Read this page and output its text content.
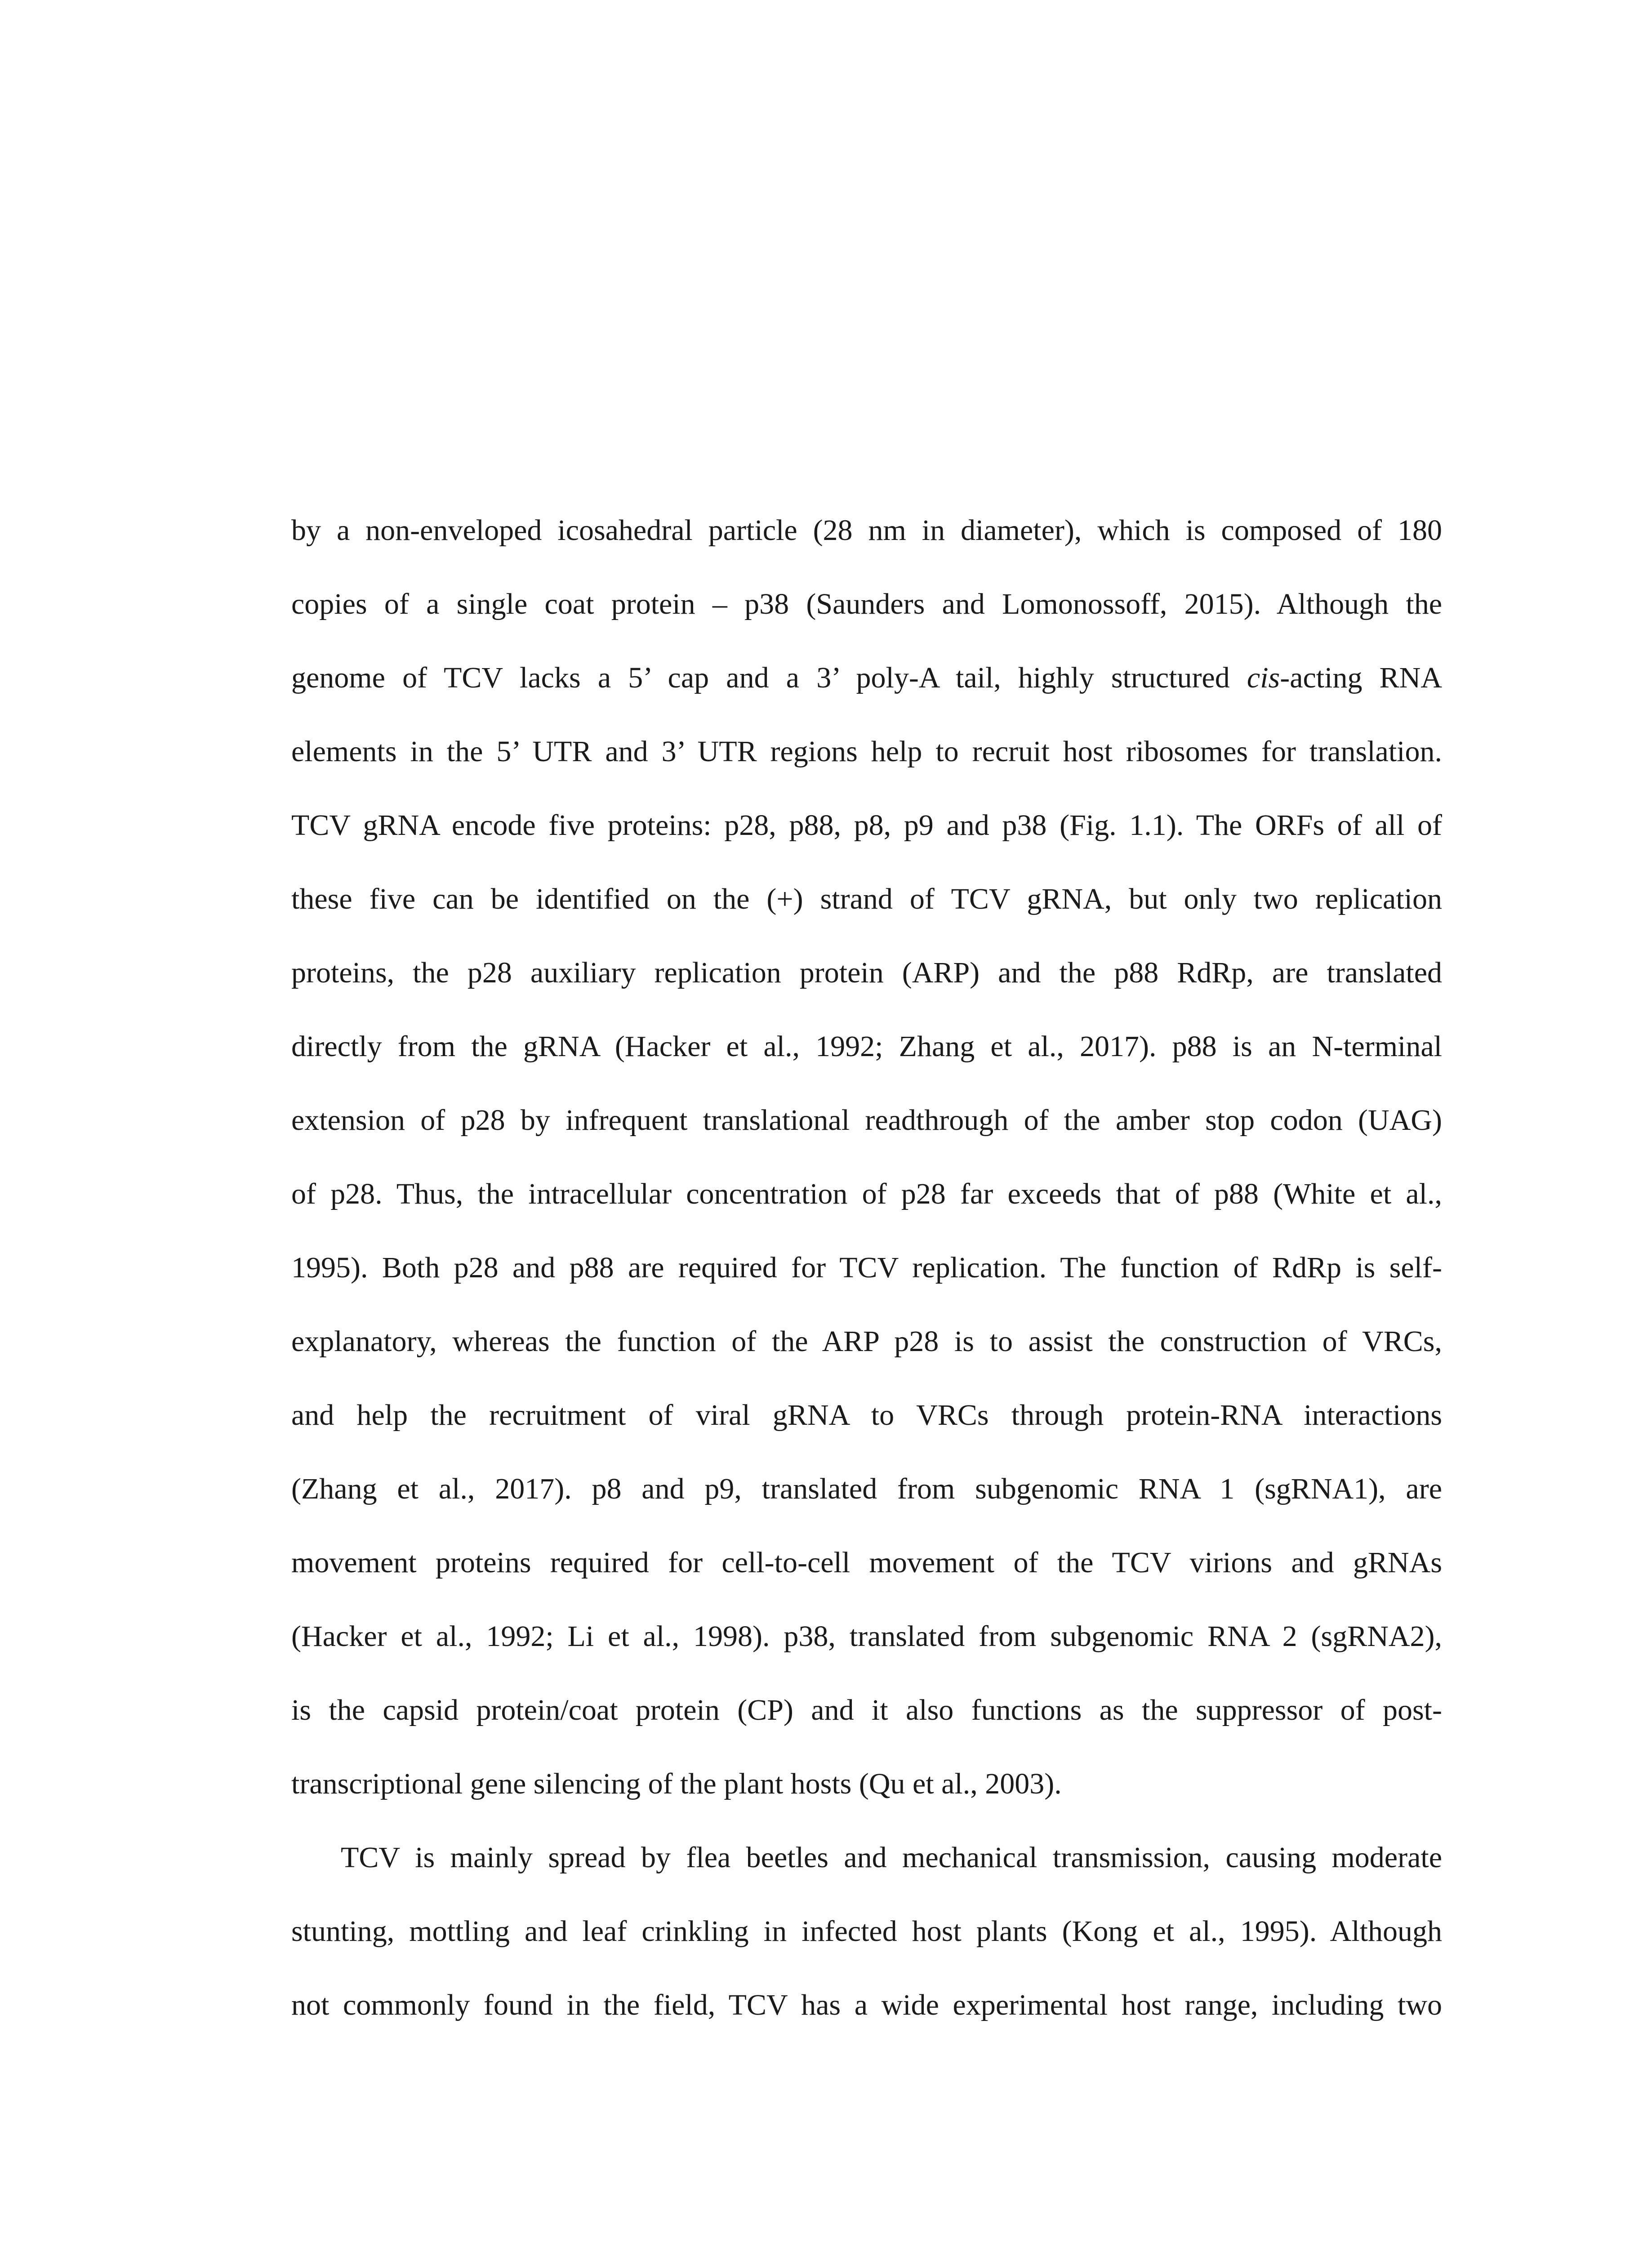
by a non-enveloped icosahedral particle (28 nm in diameter), which is composed of 180
copies of a single coat protein – p38 (Saunders and Lomonossoff, 2015). Although the
genome of TCV lacks a 5’ cap and a 3’ poly-A tail, highly structured cis-acting RNA
elements in the 5’ UTR and 3’ UTR regions help to recruit host ribosomes for translation.
TCV gRNA encode five proteins: p28, p88, p8, p9 and p38 (Fig. 1.1). The ORFs of all of
these five can be identified on the (+) strand of TCV gRNA, but only two replication
proteins, the p28 auxiliary replication protein (ARP) and the p88 RdRp, are translated
directly from the gRNA (Hacker et al., 1992; Zhang et al., 2017). p88 is an N-terminal
extension of p28 by infrequent translational readthrough of the amber stop codon (UAG)
of p28. Thus, the intracellular concentration of p28 far exceeds that of p88 (White et al.,
1995). Both p28 and p88 are required for TCV replication. The function of RdRp is self-
explanatory, whereas the function of the ARP p28 is to assist the construction of VRCs,
and help the recruitment of viral gRNA to VRCs through protein-RNA interactions
(Zhang et al., 2017). p8 and p9, translated from subgenomic RNA 1 (sgRNA1), are
movement proteins required for cell-to-cell movement of the TCV virions and gRNAs
(Hacker et al., 1992; Li et al., 1998). p38, translated from subgenomic RNA 2 (sgRNA2),
is the capsid protein/coat protein (CP) and it also functions as the suppressor of post-
transcriptional gene silencing of the plant hosts (Qu et al., 2003).
TCV is mainly spread by flea beetles and mechanical transmission, causing moderate
stunting, mottling and leaf crinkling in infected host plants (Kong et al., 1995). Although
not commonly found in the field, TCV has a wide experimental host range, including two
